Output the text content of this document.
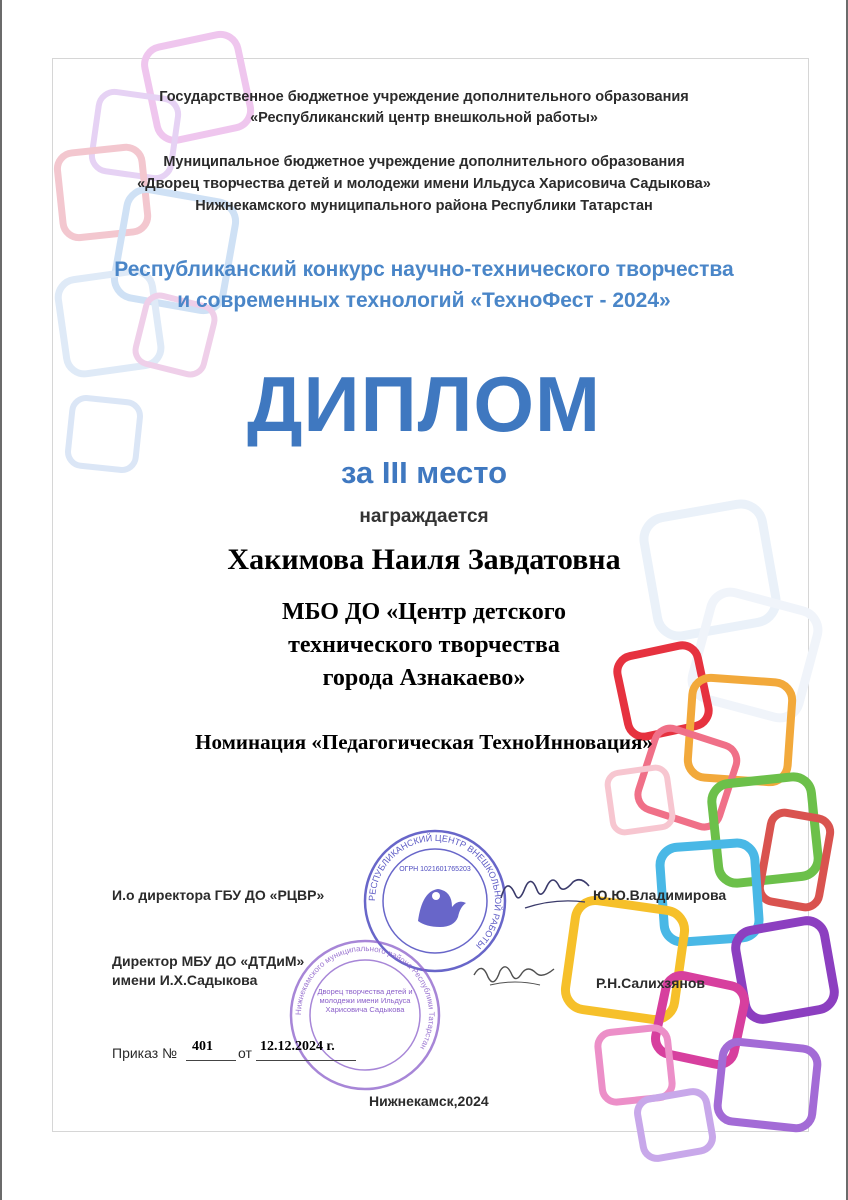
Государственное бюджетное учреждение дополнительного образования

«Республиканский центр внешкольной работы»

Муниципальное бюджетное учреждение дополнительного образования

«Дворец творчества детей и молодежи имени Ильдуса Харисовича Садыкова»

Нижнекамского муниципального района Республики Татарстан

Республиканский конкурс научно-технического творчества

и современных технологий «ТехноФест - 2024»

ДИПЛОМ

за III место

награждается

Хакимова Наиля Завдатовна

МБО ДО «Центр детского

технического творчества

города Азнакаево»

Номинация «Педагогическая ТехноИнновация»

РЕСПУБЛИКАНСКИЙ ЦЕНТР ВНЕШКОЛЬНОЙ РАБОТЫ
ОГРН 1021601765203
Нижнекамского муниципального района Республики Татарстан
Дворец творчества детей и молодежи имени Ильдуса Харисовича Садыкова
И.о директора ГБУ ДО «РЦВР»	Ю.Ю.Владимирова
Директор МБУ ДО «ДТДиМ»
имени И.Х.Садыкова	Р.Н.Салихзянов
Приказ № 401 от 12.12.2024 г.
Нижнекамск,2024
